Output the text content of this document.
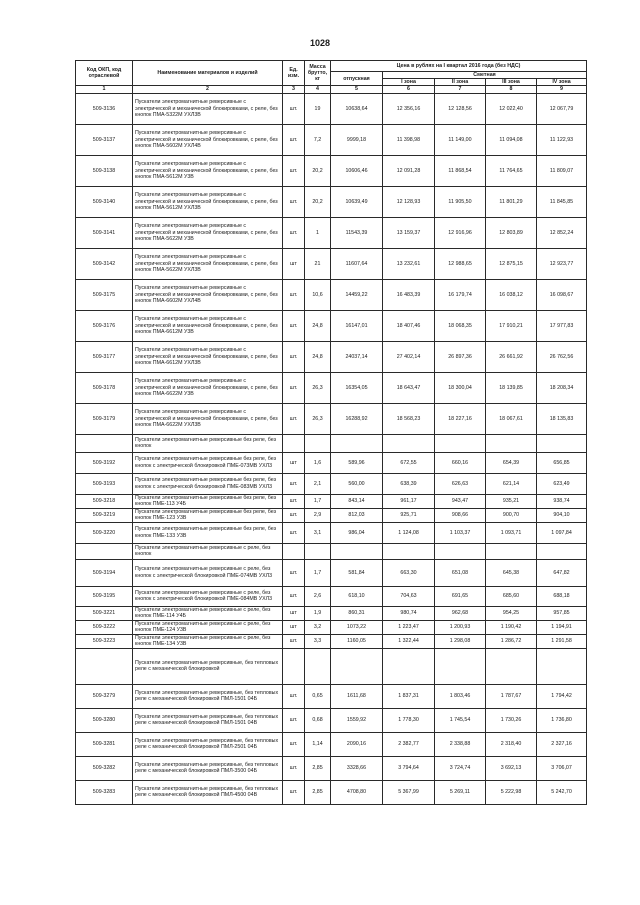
1028
Код ОКП, код отраслевой	Наименование материалов и изделий	Ед. изм.	Масса брутто, кг	Цена в рублях на I квартал 2016 года (без НДС)				
				отпускная	Сметная			
					I зона	II зона	III зона	IV зона
1	2	3	4	5	6	7	8	9
509-3136	Пускатели электромагнитные реверсивные с электрической и механической блокировками, с реле, без кнопок ПМА-5322М УХЛ3В	шт.	19	10638,64	12 356,16	12 128,56	12 022,40	12 067,79
509-3137	Пускатели электромагнитные реверсивные с электрической и механической блокировками, с реле, без кнопок ПМА-5602М УХЛ4В	шт.	7,2	9999,18	11 398,98	11 149,00	11 094,08	11 122,93
509-3138	Пускатели электромагнитные реверсивные с электрической и механической блокировками, с реле, без кнопок ПМА-5612М У3В	шт.	20,2	10606,46	12 091,28	11 868,54	11 764,65	11 809,07
509-3140	Пускатели электромагнитные реверсивные с электрической и механической блокировками, с реле, без кнопок ПМА-5612М УХЛ3В	шт.	20,2	10639,49	12 128,93	11 905,50	11 801,29	11 845,85
509-3141	Пускатели электромагнитные реверсивные с электрической и механической блокировками, с реле, без кнопок ПМА-5622М У3В	шт.	1	11543,39	13 159,37	12 916,96	12 803,89	12 852,24
509-3142	Пускатели электромагнитные реверсивные с электрической и механической блокировками, с реле, без кнопок ПМА-5622М УХЛ3В	шт	21	11607,64	13 232,61	12 988,65	12 875,15	12 923,77
509-3175	Пускатели электромагнитные реверсивные с электрической и механической блокировками, с реле, без кнопок ПМА-6602М УХЛ4В	шт.	10,6	14459,22	16 483,39	16 179,74	16 038,12	16 098,67
509-3176	Пускатели электромагнитные реверсивные с электрической и механической блокировками, с реле, без кнопок ПМА-6612М У3В	шт.	24,8	16147,01	18 407,46	18 068,35	17 910,21	17 977,83
509-3177	Пускатели электромагнитные реверсивные с электрической и механической блокировками, с реле, без кнопок ПМА-6612М УХЛ3В	шт.	24,8	24037,14	27 402,14	26 897,36	26 661,92	26 762,56
509-3178	Пускатели электромагнитные реверсивные с электрической и механической блокировками, с реле, без кнопок ПМА-6622М У3В	шт.	26,3	16354,05	18 643,47	18 300,04	18 139,85	18 208,34
509-3179	Пускатели электромагнитные реверсивные с электрической и механической блокировками, с реле, без кнопок ПМА-6622М УХЛ3В	шт.	26,3	16288,92	18 568,23	18 227,16	18 067,61	18 135,83
	Пускатели электромагнитные реверсивные без реле, без кнопок							
509-3192	Пускатели электромагнитные реверсивные без реле, без кнопок с электрической блокировкой ПМЕ-073МВ УХЛ3	шт	1,6	589,96	672,55	660,16	654,39	656,85
509-3193	Пускатели электромагнитные реверсивные без реле, без кнопок с электрической блокировкой ПМЕ-083МВ УХЛ3	шт.	2,1	560,00	638,39	626,63	621,14	623,49
509-3218	Пускатели электромагнитные реверсивные без реле, без кнопок ПМЕ-113 У4Б	шт.	1,7	843,14	961,17	943,47	935,21	938,74
509-3219	Пускатели электромагнитные реверсивные без реле, без кнопок ПМЕ-123 У3В	шт.	2,9	812,03	925,71	908,66	900,70	904,10
509-3220	Пускатели электромагнитные реверсивные без реле, без кнопок ПМЕ-133 У3В	шт.	3,1	986,04	1 124,08	1 103,37	1 093,71	1 097,84
	Пускатели электромагнитные реверсивные с реле, без кнопок							
509-3194	Пускатели электромагнитные реверсивные с реле, без кнопок с электрической блокировкой ПМЕ-074МВ УХЛ3	шт.	1,7	581,84	663,30	651,08	645,38	647,82
509-3195	Пускатели электромагнитные реверсивные с реле, без кнопок с электрической блокировкой ПМЕ-084МВ УХЛ3	шт.	2,6	618,10	704,63	691,65	685,60	688,18
509-3221	Пускатели электромагнитные реверсивные с реле, без кнопок ПМЕ-114 У4Б	шт	1,9	860,31	980,74	962,68	954,25	957,85
509-3222	Пускатели электромагнитные реверсивные с реле, без кнопок ПМЕ-124 У3В	шт	3,2	1073,22	1 223,47	1 200,93	1 190,42	1 194,91
509-3223	Пускатели электромагнитные реверсивные с реле, без кнопок ПМЕ-134 У3В	шт.	3,3	1160,05	1 322,44	1 298,08	1 286,72	1 291,58
	Пускатели электромагнитные реверсивные, без тепловых реле с механической блокировкой							
509-3279	Пускатели электромагнитные реверсивные, без тепловых реле с механической блокировкой ПМЛ-1501 04Б	шт.	0,65	1611,68	1 837,31	1 803,46	1 787,67	1 794,42
509-3280	Пускатели электромагнитные реверсивные, без тепловых реле с механической блокировкой ПМЛ-1501 04В	шт.	0,68	1559,92	1 778,30	1 745,54	1 730,26	1 736,80
509-3281	Пускатели электромагнитные реверсивные, без тепловых реле с механической блокировкой ПМЛ-2501 04Б	шт.	1,14	2090,16	2 382,77	2 338,88	2 318,40	2 327,16
509-3282	Пускатели электромагнитные реверсивные, без тепловых реле с механической блокировкой ПМЛ-3500 04Б	шт.	2,85	3328,66	3 794,64	3 724,74	3 692,13	3 706,07
509-3283	Пускатели электромагнитные реверсивные, без тепловых реле с механической блокировкой ПМЛ-4500 04В	шт.	2,85	4708,80	5 367,99	5 269,11	5 222,98	5 242,70
